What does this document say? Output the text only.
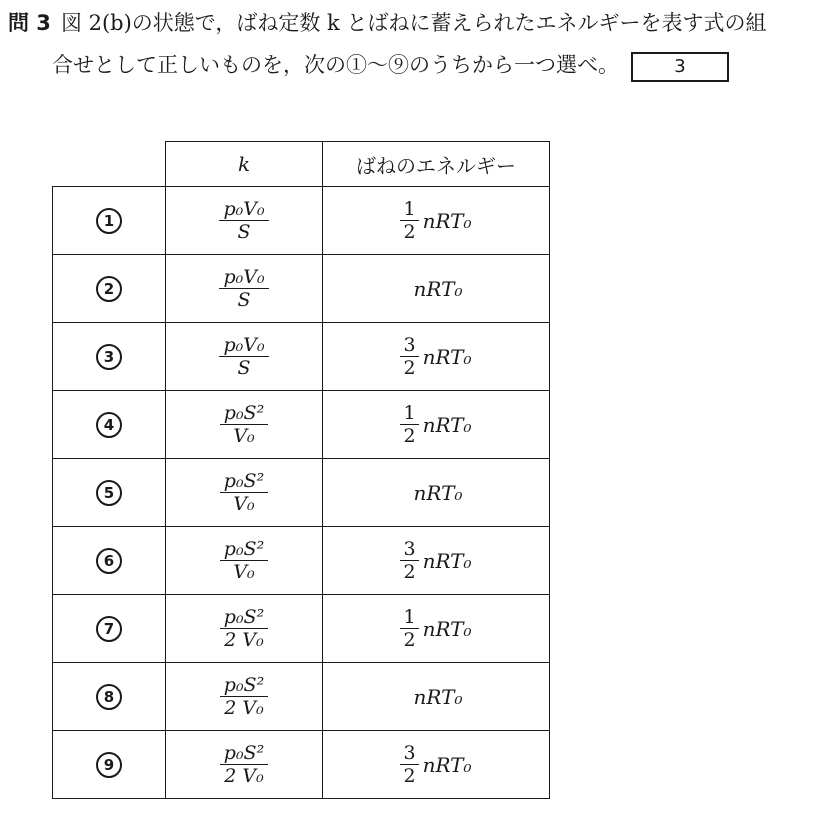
問 3 図 2(b)の状態で，ばね定数 k とばねに蓄えられたエネルギーを表す式の組
合せとして正しいものを，次の①～⑨のうちから一つ選べ。	3
	k	ばねのエネルギー
1	$\frac{\text{p₀V₀}}{S}$	$\frac{1}{2} nRT_0$
2	$\frac{\text{p₀V₀}}{S}$	nRT₀
3	$\frac{\text{p₀V₀}}{S}$	$\frac{3}{2} nRT_0$
4	$\frac{\text{p₀S²}}{\text{V₀}}$	$\frac{1}{2} nRT_0$
5	$\frac{\text{p₀S²}}{\text{V₀}}$	nRT₀
6	$\frac{\text{p₀S²}}{\text{V₀}}$	$\frac{3}{2} nRT_0$
7	$\frac{\text{p₀S²}}{\text{2 V₀}}$	$\frac{1}{2} nRT_0$
8	$\frac{\text{p₀S²}}{\text{2 V₀}}$	nRT₀
9	$\frac{\text{p₀S²}}{\text{2 V₀}}$	$\frac{3}{2} nRT_0$
